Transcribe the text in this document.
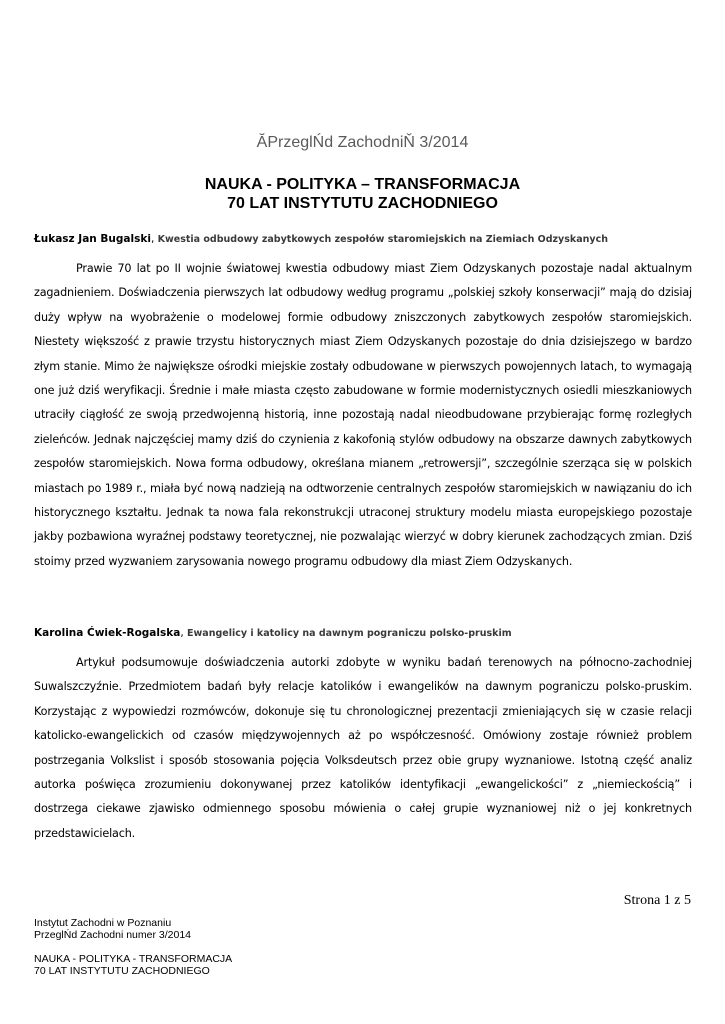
ĂPrzeglŃd ZachodniŇ 3/2014
NAUKA - POLITYKA – TRANSFORMACJA
70 LAT INSTYTUTU ZACHODNIEGO
Łukasz Jan Bugalski, Kwestia odbudowy zabytkowych zespołów staromiejskich na Ziemiach Odzyskanych

Prawie 70 lat po II wojnie światowej kwestia odbudowy miast Ziem Odzyskanych pozostaje nadal aktualnym zagadnieniem. Doświadczenia pierwszych lat odbudowy według programu „polskiej szkoły konserwacji” mają do dzisiaj duży wpływ na wyobrażenie o modelowej formie odbudowy zniszczonych zabytkowych zespołów staromiejskich. Niestety większość z prawie trzystu historycznych miast Ziem Odzyskanych pozostaje do dnia dzisiejszego w bardzo złym stanie. Mimo że największe ośrodki miejskie zostały odbudowane w pierwszych powojennych latach, to wymagają one już dziś weryfikacji. Średnie i małe miasta często zabudowane w formie modernistycznych osiedli mieszkaniowych utraciły ciągłość ze swoją przedwojenną historią, inne pozostają nadal nieodbudowane przybierając formę rozległych zieleńców. Jednak najczęściej mamy dziś do czynienia z kakofonią stylów odbudowy na obszarze dawnych zabytkowych zespołów staromiejskich. Nowa forma odbudowy, określana mianem „retrowersji”, szczególnie szerząca się w polskich miastach po 1989 r., miała być nową nadzieją na odtworzenie centralnych zespołów staromiejskich w nawiązaniu do ich historycznego kształtu. Jednak ta nowa fala rekonstrukcji utraconej struktury modelu miasta europejskiego pozostaje jakby pozbawiona wyraźnej podstawy teoretycznej, nie pozwalając wierzyć w dobry kierunek zachodzących zmian. Dziś stoimy przed wyzwaniem zarysowania nowego programu odbudowy dla miast Ziem Odzyskanych.

Karolina Ćwiek-Rogalska, Ewangelicy i katolicy na dawnym pograniczu polsko-pruskim

Artykuł podsumowuje doświadczenia autorki zdobyte w wyniku badań terenowych na północno-zachodniej Suwalszczyźnie. Przedmiotem badań były relacje katolików i ewangelików na dawnym pograniczu polsko-pruskim. Korzystając z wypowiedzi rozmówców, dokonuje się tu chronologicznej prezentacji zmieniających się w czasie relacji katolicko-ewangelickich od czasów międzywojennych aż po współczesność. Omówiony zostaje również problem postrzegania Volkslist i sposób stosowania pojęcia Volksdeutsch przez obie grupy wyznaniowe. Istotną część analiz autorka poświęca zrozumieniu dokonywanej przez katolików identyfikacji „ewangelickości” z „niemieckością” i dostrzega ciekawe zjawisko odmiennego sposobu mówienia o całej grupie wyznaniowej niż o jej konkretnych przedstawicielach.

Strona 1 z 5
Instytut Zachodni w Poznaniu
PrzeglŃd Zachodni numer 3/2014
NAUKA - POLITYKA - TRANSFORMACJA
70 LAT INSTYTUTU ZACHODNIEGO
